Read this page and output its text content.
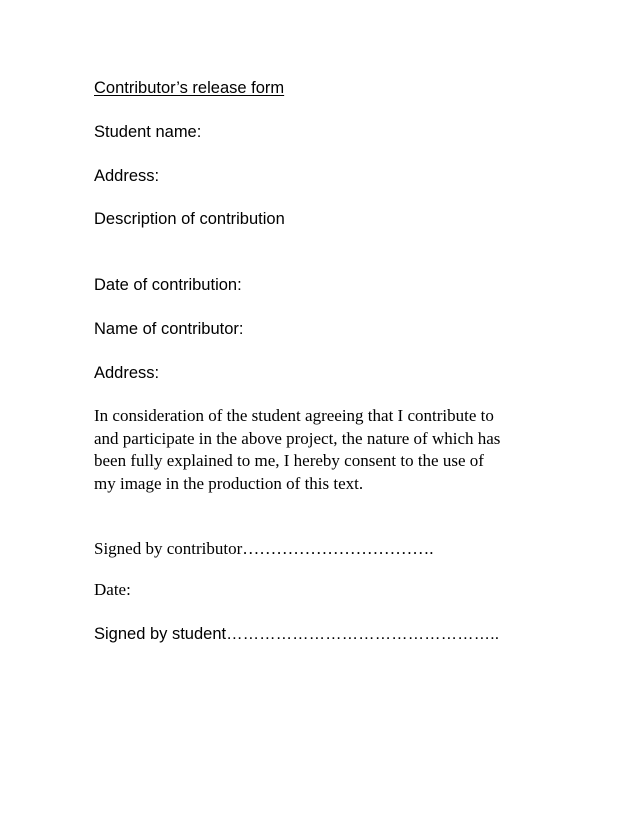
Contributor’s release form

Student name:

Address:

Description of contribution

Date of contribution:

Name of contributor:

Address:

In consideration of the student agreeing that I contribute to
and participate in the above project, the nature of which has
been fully explained to me, I hereby consent to the use of
my image in the production of this text.

Signed by contributor…………………………….

Date:

Signed by student…………………………………………..
